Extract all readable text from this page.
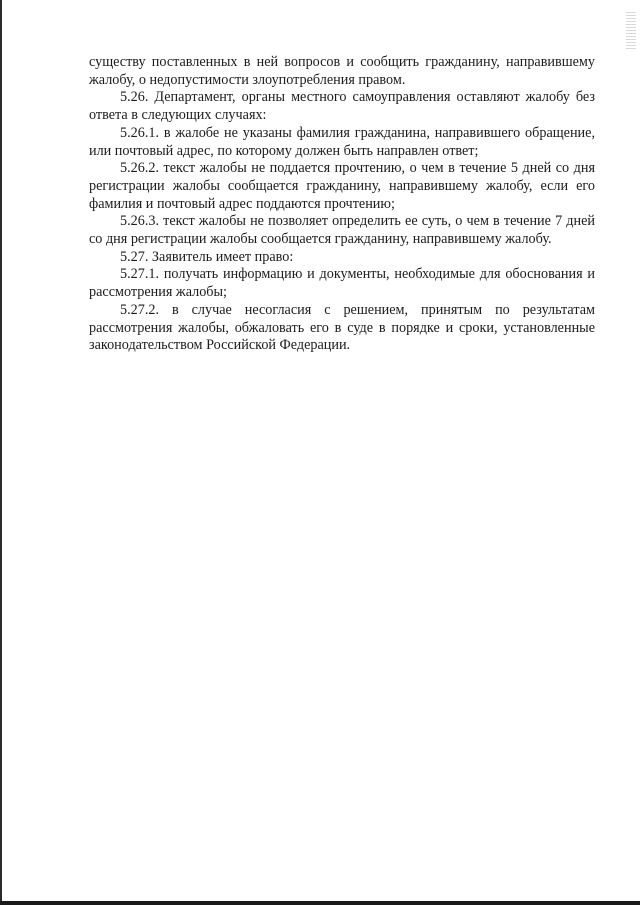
существу поставленных в ней вопросов и сообщить гражданину, направившему жалобу, о недопустимости злоупотребления правом.

5.26. Департамент, органы местного самоуправления оставляют жалобу без ответа в следующих случаях:

5.26.1. в жалобе не указаны фамилия гражданина, направившего обращение, или почтовый адрес, по которому должен быть направлен ответ;

5.26.2. текст жалобы не поддается прочтению, о чем в течение 5 дней со дня регистрации жалобы сообщается гражданину, направившему жалобу, если его фамилия и почтовый адрес поддаются прочтению;

5.26.3. текст жалобы не позволяет определить ее суть, о чем в течение 7 дней со дня регистрации жалобы сообщается гражданину, направившему жалобу.

5.27. Заявитель имеет право:

5.27.1. получать информацию и документы, необходимые для обоснования и рассмотрения жалобы;

5.27.2. в случае несогласия с решением, принятым по результатам рассмотрения жалобы, обжаловать его в суде в порядке и сроки, установленные законодательством Российской Федерации.
